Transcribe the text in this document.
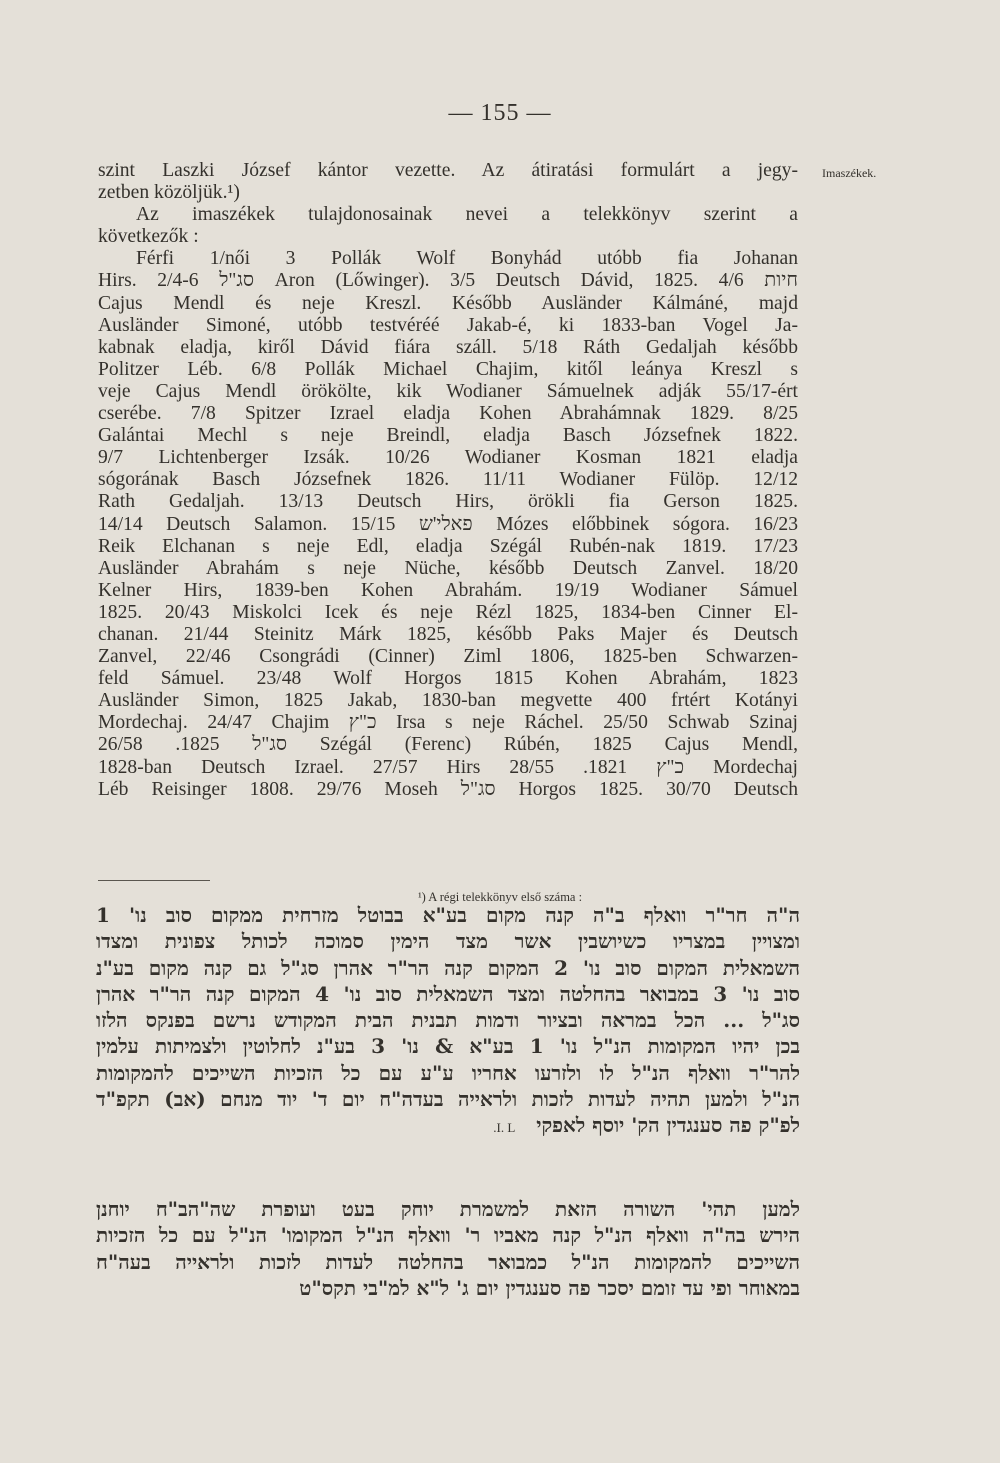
— 155 —
Imaszékek.

szint Laszki József kántor vezette. Az átiratási formulárt a jegy-

zetben közöljük.¹)

Az imaszékek tulajdonosainak nevei a telekkönyv szerint a

következők :

Férfi 1/női 3 Pollák Wolf Bonyhád utóbb fia Johanan

Hirs. 2/4-6 סג"ל Aron (Lőwinger). 3/5 Deutsch Dávid, 1825. 4/6 חיות

Cajus Mendl és neje Kreszl. Később Ausländer Kálmáné, majd

Ausländer Simoné, utóbb testvéréé Jakab-é, ki 1833-ban Vogel Ja-

kabnak eladja, kiről Dávid fiára száll. 5/18 Ráth Gedaljah később

Politzer Léb. 6/8 Pollák Michael Chajim, kitől leánya Kreszl s

veje Cajus Mendl örökölte, kik Wodianer Sámuelnek adják 55/17-ért

cserébe. 7/8 Spitzer Izrael eladja Kohen Abrahámnak 1829. 8/25

Galántai Mechl s neje Breindl, eladja Basch Józsefnek 1822.

9/7 Lichtenberger Izsák. 10/26 Wodianer Kosman 1821 eladja

sógorának Basch Józsefnek 1826. 11/11 Wodianer Fülöp. 12/12

Rath Gedaljah. 13/13 Deutsch Hirs, örökli fia Gerson 1825.

14/14 Deutsch Salamon. 15/15 פאלי'ש Mózes előbbinek sógora. 16/23

Reik Elchanan s neje Edl, eladja Szégál Rubén-nak 1819. 17/23

Ausländer Abrahám s neje Nüche, később Deutsch Zanvel. 18/20

Kelner Hirs, 1839-ben Kohen Abrahám. 19/19 Wodianer Sámuel

1825. 20/43 Miskolci Icek és neje Rézl 1825, 1834-ben Cinner El-

chanan. 21/44 Steinitz Márk 1825, később Paks Majer és Deutsch

Zanvel, 22/46 Csongrádi (Cinner) Ziml 1806, 1825-ben Schwarzen-

feld Sámuel. 23/48 Wolf Horgos 1815 Kohen Abrahám, 1823

Ausländer Simon, 1825 Jakab, 1830-ban megvette 400 frtért Kotányi

Mordechaj. 24/47 Chajim כ"ץ Irsa s neje Ráchel. 25/50 Schwab Szinaj

סג"ל 1825. 26/58 Szégál (Ferenc) Rúbén, 1825 Cajus Mendl,

1828-ban Deutsch Izrael. 27/57 Hirs כ"ץ 1821. 28/55 Mordechaj

Léb Reisinger 1808. 29/76 Moseh סג"ל Horgos 1825. 30/70 Deutsch

¹) A régi telekkönyv első száma :

ה"ה חר"ר וואלף ב"ה קנה מקום בע"א בבוטל מזרחית ממקום סוב נו' 1

ומצויין במצריו כשיושבין אשר מצד הימין סמוכה לכותל צפונית ומצדו

השמאלית המקום סוב נו' 2 המקום קנה הר"ר אהרן סג"ל גם קנה מקום בע"נ

סוב נו' 3 במבואר בהחלטה ומצד השמאלית סוב נו' 4 המקום קנה הר"ר אהרן

סג"ל ... הכל במראה ובציור ודמות תבנית הבית המקודש נרשם בפנקס הלזו

בכן יהיו המקומות הנ"ל נו' 1 בע"א & נו' 3 בע"נ לחלוטין ולצמיתות עלמין

להר"ר וואלף הנ"ל לו ולזרעו אחריו ע"ע עם כל הזכיות השייכים להמקומות

הנ"ל ולמען תהיה לעדות לזכות ולראייה בעדה"ח יום ד' יוד מנחם (אב) תקפ"ד

לפ"ק פה סענגדין הק' יוסף לאפקי   I. L.

למען תהי' השורה הזאת למשמרת יוחק בעט ועופרת שה"הב"ח יוחנן

הירש בה"ה וואלף הנ"ל קנה מאביו ר' וואלף הנ"ל המקומו' הנ"ל עם כל הזכיות

השייכים להמקומות הנ"ל כמבואר בהחלטה לעדות לזכות ולראייה בעה"ח

במאוחר ופי עד זומם יסכר פה סענגדין יום ג' ל"א למ"בי תקס"ט
